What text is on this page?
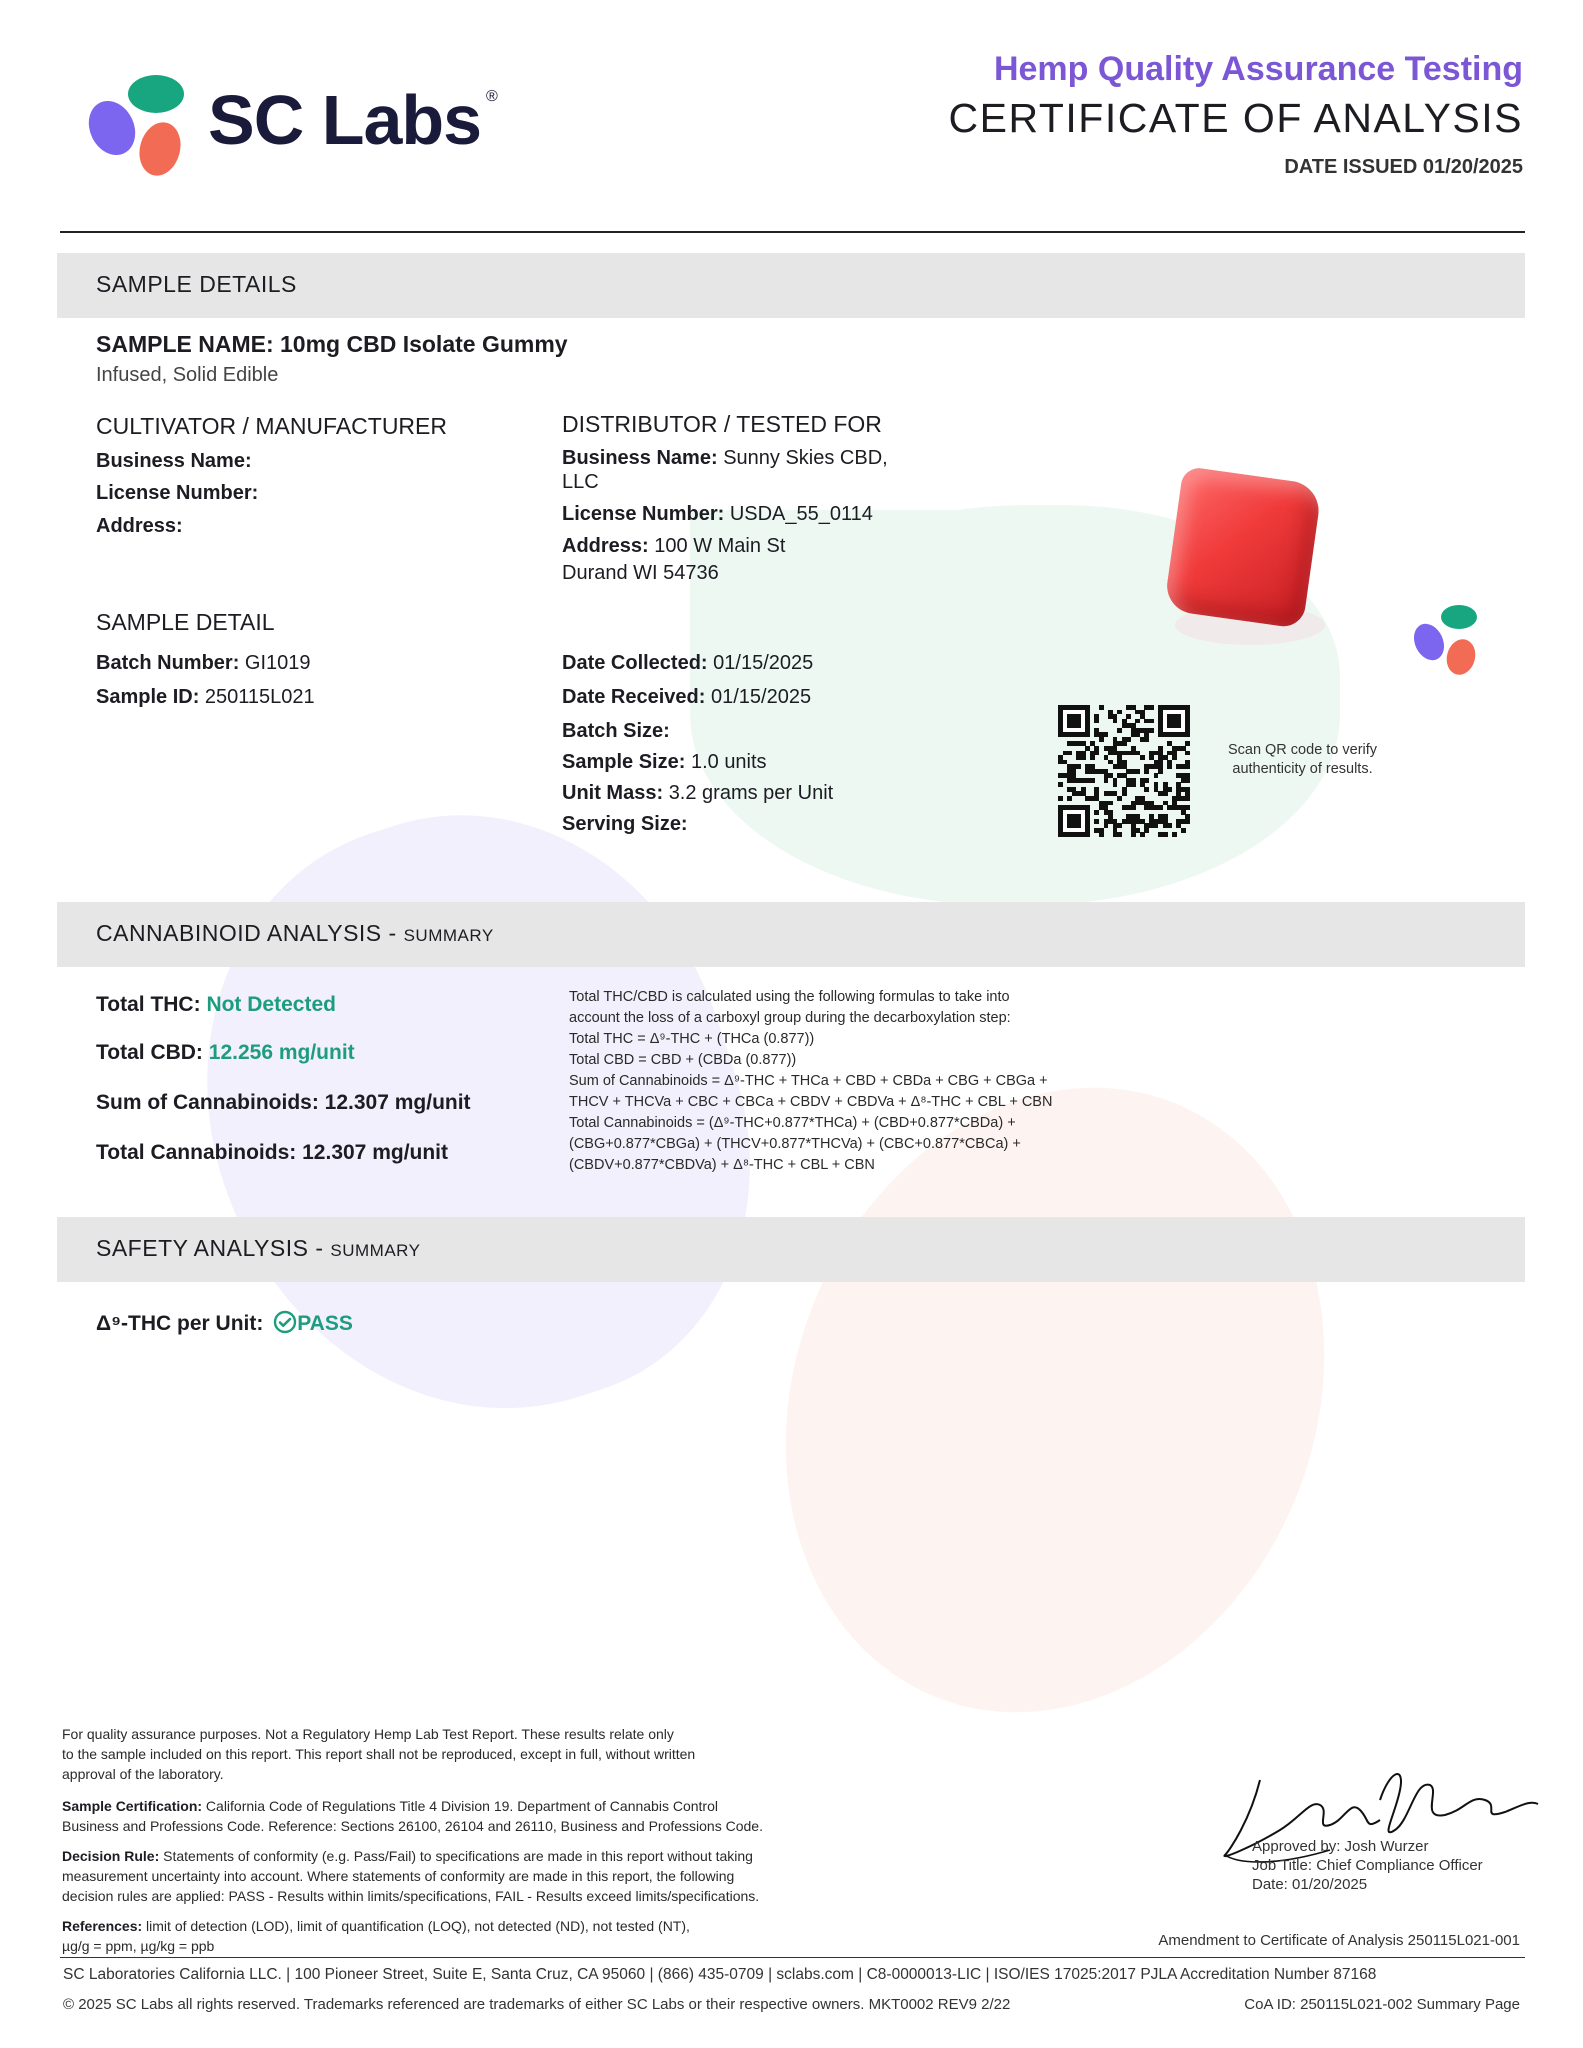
SC Labs ®
Hemp Quality Assurance Testing
CERTIFICATE OF ANALYSIS
DATE ISSUED 01/20/2025
SAMPLE DETAILS
SAMPLE NAME: 10mg CBD Isolate Gummy
Infused, Solid Edible
CULTIVATOR / MANUFACTURER
Business Name:
License Number:
Address:
DISTRIBUTOR / TESTED FOR
Business Name: Sunny Skies CBD,
LLC
License Number: USDA_55_0114
Address: 100 W Main St
Durand WI 54736
SAMPLE DETAIL
Batch Number: GI1019
Sample ID: 250115L021
Date Collected: 01/15/2025
Date Received: 01/15/2025
Batch Size:
Sample Size: 1.0 units
Unit Mass: 3.2 grams per Unit
Serving Size:
Scan QR code to verify
authenticity of results.
CANNABINOID ANALYSIS - SUMMARY
Total THC: Not Detected
Total CBD: 12.256 mg/unit
Sum of Cannabinoids: 12.307 mg/unit
Total Cannabinoids: 12.307 mg/unit
Total THC/CBD is calculated using the following formulas to take into
account the loss of a carboxyl group during the decarboxylation step:
Total THC = Δ⁹-THC + (THCa (0.877))
Total CBD = CBD + (CBDa (0.877))
Sum of Cannabinoids = Δ⁹-THC + THCa + CBD + CBDa + CBG + CBGa +
THCV + THCVa + CBC + CBCa + CBDV + CBDVa + Δ⁸-THC + CBL + CBN
Total Cannabinoids = (Δ⁹-THC+0.877*THCa) + (CBD+0.877*CBDa) +
(CBG+0.877*CBGa) + (THCV+0.877*THCVa) + (CBC+0.877*CBCa) +
(CBDV+0.877*CBDVa) + Δ⁸-THC + CBL + CBN
SAFETY ANALYSIS - SUMMARY
Δ⁹-THC per Unit: PASS
For quality assurance purposes. Not a Regulatory Hemp Lab Test Report. These results relate only
to the sample included on this report. This report shall not be reproduced, except in full, without written
approval of the laboratory.
Sample Certification: California Code of Regulations Title 4 Division 19. Department of Cannabis Control
Business and Professions Code. Reference: Sections 26100, 26104 and 26110, Business and Professions Code.
Decision Rule: Statements of conformity (e.g. Pass/Fail) to specifications are made in this report without taking
measurement uncertainty into account. Where statements of conformity are made in this report, the following
decision rules are applied: PASS - Results within limits/specifications, FAIL - Results exceed limits/specifications.
References: limit of detection (LOD), limit of quantification (LOQ), not detected (ND), not tested (NT),
µg/g = ppm, µg/kg = ppb
Approved by: Josh Wurzer
Job Title: Chief Compliance Officer
Date: 01/20/2025
Amendment to Certificate of Analysis 250115L021-001
SC Laboratories California LLC. | 100 Pioneer Street, Suite E, Santa Cruz, CA 95060 | (866) 435-0709 | sclabs.com | C8-0000013-LIC | ISO/IES 17025:2017 PJLA Accreditation Number 87168
© 2025 SC Labs all rights reserved. Trademarks referenced are trademarks of either SC Labs or their respective owners. MKT0002 REV9 2/22	CoA ID: 250115L021-002 Summary Page
